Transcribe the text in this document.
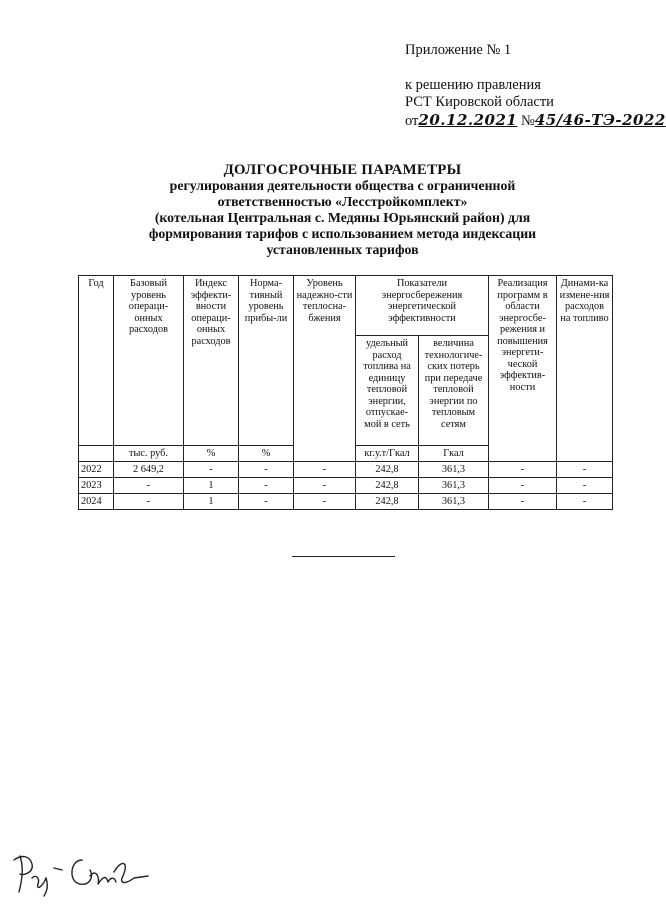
Приложение № 1
к решению правления
РСТ Кировской области
от20.12.2021 №45/46-ТЭ-2022
ДОЛГОСРОЧНЫЕ ПАРАМЕТРЫ
регулирования деятельности общества с ограниченной
ответственностью «Лесстройкомплект»
(котельная Центральная с. Медяны Юрьянский район) для
формирования тарифов с использованием метода индексации
установленных тарифов
Год	Базовый уровень операци-онных расходов	Индекс эффекти-вности операци-онных расходов	Норма-тивный уровень прибы-ли	Уровень надежно-сти теплосна-бжения	Показатели энергосбережения энергетической эффективности		Реализация программ в области энергосбе-режения и повышения энергети-ческой эффектив-ности	Динами-ка измене-ния расходов на топливо
					удельный расход топлива на единицу тепловой энергии, отпускае-мой в сеть	величина технологиче-ских потерь при передаче тепловой энергии по тепловым сетям		
	тыс. руб.	%	%		кг.у.т/Гкал	Гкал		
2022	2 649,2	-	-	-	242,8	361,3	-	-
2023	-	1	-	-	242,8	361,3	-	-
2024	-	1	-	-	242,8	361,3	-	-
